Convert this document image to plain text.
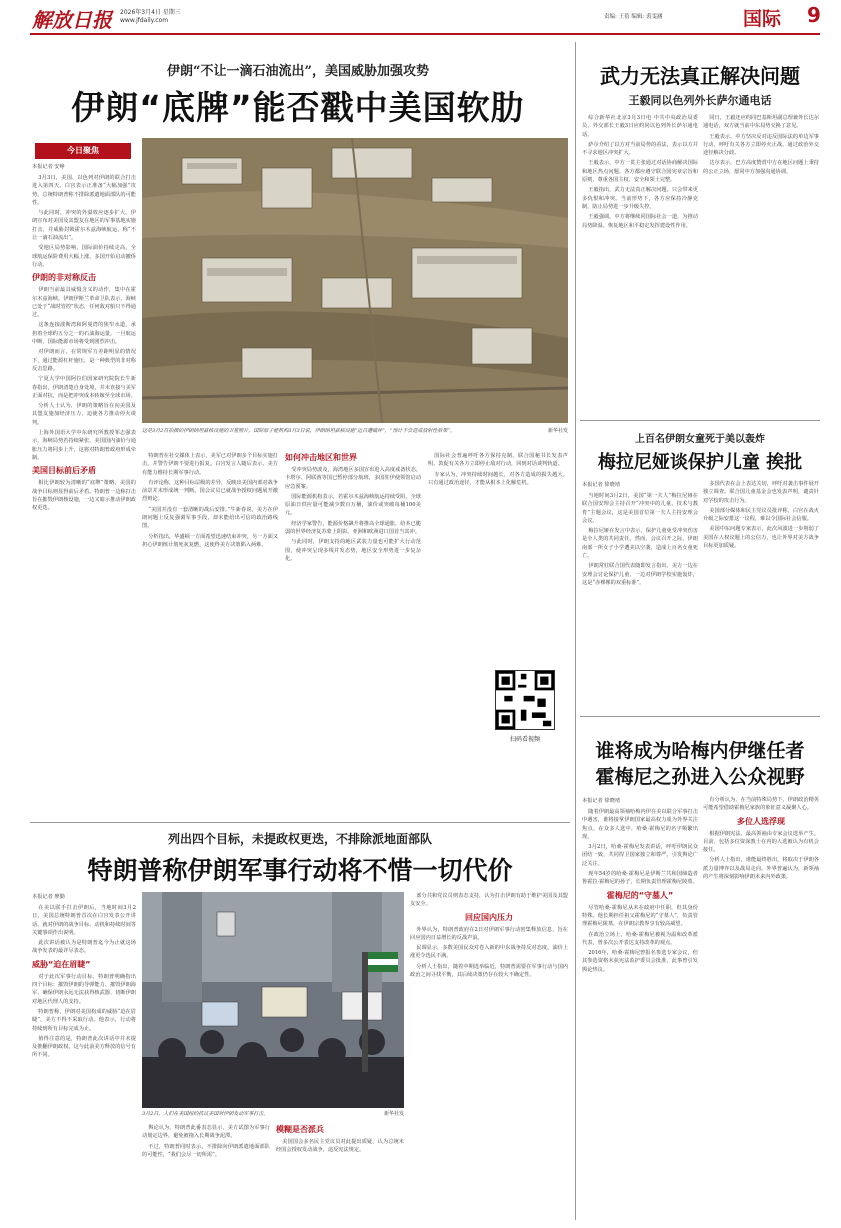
解放日报 2026年3月4日 星期三
www.jfdaily.com	责编: 王蓓 编辑: 裘雯涵	国际 9
伊朗“不让一滴石油流出”，美国威胁加强攻势
伊朗“底牌”能否戳中美国软肋
今日聚焦

本报记者 安峥

3月3日，美国、以色列对伊朗的联合打击进入第四天。白宫表示正准备“大幅加强”攻势，总统特朗普称不排除派遣地面部队的可能性。

与此同时，冲突的外溢效应逐步扩大。伊朗宣布对美国及其盟友在地区的军事基地实施打击，并威胁封锁霍尔木兹海峡航运，称“不让一滴石油流出”。

受地区局势影响，国际油价持续走高，全球航运保险费用大幅上涨，多国开始启动撤侨行动。

伊朗的非对称反击

伊朗当前最具威慑含义的动作，集中在霍尔木兹海峡。伊朗伊斯兰革命卫队表示，海峡已处于“战时管控”状态，任何敌对船只不得通过。

这条连接波斯湾和阿曼湾的狭窄水道，承担着全球约五分之一的石油海运量。一旦航运中断，国际能源市场将受到剧烈冲击。

对伊朗而言，在常规军力差距明显的情况下，通过能源杠杆施压，是一种典型的非对称反击思路。

宁夏大学中国阿拉伯国家研究院院长牛新春指出，伊朗清楚自身处境，并未直接与美军正面对抗，而是把冲突成本转嫁至全球市场。

分析人士认为，伊朗的策略旨在向美国及其盟友施加经济压力，迫使各方推动停火谈判。

上海外国语大学中东研究所教授邹志强表示，海峡局势若持续紧张，美国国内油价与通胀压力将同步上升，这将对特朗普政府形成牵制。

美国目标前后矛盾

相比伊朗较为清晰的“底牌”策略，美国的战争目标则显得前后矛盾。特朗普一边称打击旨在摧毁伊朗核设施，一边又暗示推动伊朗政权更迭。

这是3月2日拍摄的伊朗纳坦兹核设施的卫星照片。国际原子能机构3月3日说，伊朗纳坦兹核设施“近日遭破坏”，“预计不会造成放射性后果”。	新华社发

特朗普在社交媒体上表示，美军已对伊朗多个目标实施打击，并警告伊朗不要进行报复。白宫发言人随后表示，美方有能力维持长期军事行动。

有评论称，这种目标层级的差异，反映出美国内部对战争前景并未形成统一判断。国会议员已就战争授权问题展开激烈辩论。

“美国并没有一套清晰的战后安排。”牛新春说，美方在伊朗问题上反复强调军事手段，却未能给出可信的政治路线图。

分析指出，华盛顿一方面希望迅速结束冲突，另一方面又担心伊朗核计划死灰复燃，这使得美方决策陷入两难。

如何冲击地区和世界

受冲突局势波及，海湾地区多国宣布进入高度戒备状态。卡塔尔、阿联酋等国已暂停部分航班，多国驻伊使领馆启动应急预案。

国际能源机构表示，若霍尔木兹海峡航运持续受阻，全球原油日供应量可能减少数百万桶，油价或突破每桶100美元。

经济学家警告，能源价格飙升将推高全球通胀，给本已脆弱的世界经济复苏蒙上阴影。亚洲和欧洲进口国首当其冲。

与此同时，伊朗支持的地区武装力量也可能扩大行动范围，使冲突呈现多线并发态势，地区安全形势进一步复杂化。

国际社会普遍呼吁各方保持克制。联合国秘书长发表声明，敦促有关各方立即停止敌对行动，回到对话谈判轨道。

专家认为，冲突持续时间越长，对各方造成的损失越大。只有通过政治途径，才能从根本上化解危机。

扫码看视频
列出四个目标，未提政权更迭，不排除派地面部队
特朗普称伊朗军事行动将不惜一切代价

本报记者 廖勤

在美以联手打击伊朗后，当地时间3月2日，美国总统特朗普首次在白宫发表公开讲话，就对伊朗的战争目标、动机和持续时间等关键事项作出说明。

此次讲话被认为是特朗普迄今为止就这场战争发表的最详尽表态。

威胁“迫在眉睫”

对于此次军事行动目标，特朗普明确指出四个目标：摧毁伊朗的导弹能力、摧毁伊朗海军、确保伊朗永远无法获得核武器、切断伊朗对地区代理人的支持。

特朗普称，伊朗对美国构成的威胁“迫在眉睫”，美方不得不采取行动。他表示，行动将持续到所有目标完成为止。

值得注意的是，特朗普此次讲话中并未提及推翻伊朗政权，这与此前美方释放的信号有所不同。

3月2日，人们在美国纽约抗议美国对伊朗发动军事打击。	新华社发

舆论认为，特朗普此番表态显示，美方试图为军事行动划定边界，避免被拖入长期战争泥潭。

不过，特朗普同时表示，不排除向伊朗派遣地面部队的可能性，“我们会尽一切所需”。

模糊是否派兵

美国国会多名民主党议员对此提出质疑，认为总统未经国会授权发动战争，违反宪法规定。

部分共和党议员则表态支持，认为打击伊朗有助于维护美国及其盟友安全。

回应国内压力

外界认为，特朗普政府在2日对伊朗军事行动密集释放信息，旨在回应国内日益增长的反战声浪。

民调显示，多数美国民众对卷入新的中东战争持反对态度，油价上涨更令选民不满。

分析人士指出，随着中期选举临近，特朗普需要在军事行动与国内政治之间寻找平衡，其后续决策仍存在较大不确定性。

武力无法真正解决问题
王毅同以色列外长萨尔通电话

综合新华社北京3月3日电 中共中央政治局委员、外交部长王毅3日应约同以色列外长萨尔通电话。

萨尔介绍了以方对当前局势的看法，表示以方并不寻求地区冲突扩大。

王毅表示，中方一贯主张通过对话协商解决国际和地区热点问题。各方都应遵守联合国宪章宗旨和原则，尊重各国主权、安全和领土完整。

王毅指出，武力无法真正解决问题，只会带来更多仇恨和冲突。当前形势下，各方应保持冷静克制，防止局势进一步升级失控。

王毅强调，中方将继续同国际社会一道，为推动局势降温、恢复地区和平稳定发挥建设性作用。

同日，王毅还应约同巴基斯坦副总理兼外长达尔通电话，双方就当前中东局势交换了意见。

王毅表示，中方坚决反对违反国际法的单边军事行动，呼吁有关各方立即停火止战，通过政治外交途径解决分歧。

达尔表示，巴方高度赞赏中方在地区问题上秉持的公正立场，愿同中方加强沟通协调。

上百名伊朗女童死于美以轰炸
梅拉尼娅谈保护儿童 挨批

本报记者 徐晓靖

当地时间3月2日，美国“第一夫人”梅拉尼娅在联合国安理会主持召开“冲突中的儿童、技术与教育”主题会议，这是美国首位第一夫人主持安理会会议。

梅拉尼娅在发言中表示，保护儿童免受冲突伤害是全人类的共同责任。然而，会议召开之际，伊朗南部一所女子小学遭美以空袭，造成上百名女童死亡。

伊朗常驻联合国代表随即发言指出，美方一边在安理会讨论保护儿童，一边对伊朗学校实施轰炸，这是“赤裸裸的双重标准”。

多国代表在会上表达关切，呼吁对袭击事件展开独立调查。联合国儿童基金会也发表声明，谴责针对学校的攻击行为。

美国部分媒体和民主党议员批评称，白宫在战火升级之际安排这一议程，难以令国际社会信服。

美国中东问题专家表示，此次风波进一步削弱了美国在人权议题上的公信力，也让外界对美方战争目标更加质疑。

谁将成为哈梅内伊继任者
霍梅尼之孙进入公众视野

本报记者 徐晓靖

随着伊朗最高领袖哈梅内伊在美以联合军事打击中遇害，谁将接掌伊朗国家最高权力成为外界关注焦点。在众多人选中，哈桑·霍梅尼的名字频繁出现。

3月2日，哈桑·霍梅尼发表讲话，呼吁伊朗民众团结一致，共同捍卫国家独立和尊严，引发舆论广泛关注。

现年54岁的哈桑·霍梅尼是伊斯兰共和国缔造者鲁霍拉·霍梅尼的孙子，长期负责管理霍梅尼陵墓。

霍梅尼的“守墓人”

尽管哈桑·霍梅尼从未在政府中任职，但其身份特殊。他长期担任祖父霍梅尼的“守墓人”，负责管理霍梅尼陵墓，在伊朗宗教界享有较高威望。

在政治立场上，哈桑·霍梅尼被视为温和改革派代表，曾多次公开表达支持改革的观点。

2016年，哈桑·霍梅尼曾报名参选专家会议，但其参选资格未获宪法监护委员会批准，此事曾引发舆论热议。

有分析认为，在当前特殊局势下，伊朗政治精英可能希望借助霍梅尼家族的象征意义凝聚人心。

多位人选浮现

根据伊朗宪法，最高领袖由专家会议选举产生。目前，包括多位资深教士在内的人选被认为有机会接任。

分析人士指出，谁能最终胜出，将取决于伊朗各派力量博弈以及战局走向。外界普遍认为，新领袖的产生将深刻影响伊朗未来内外政策。
